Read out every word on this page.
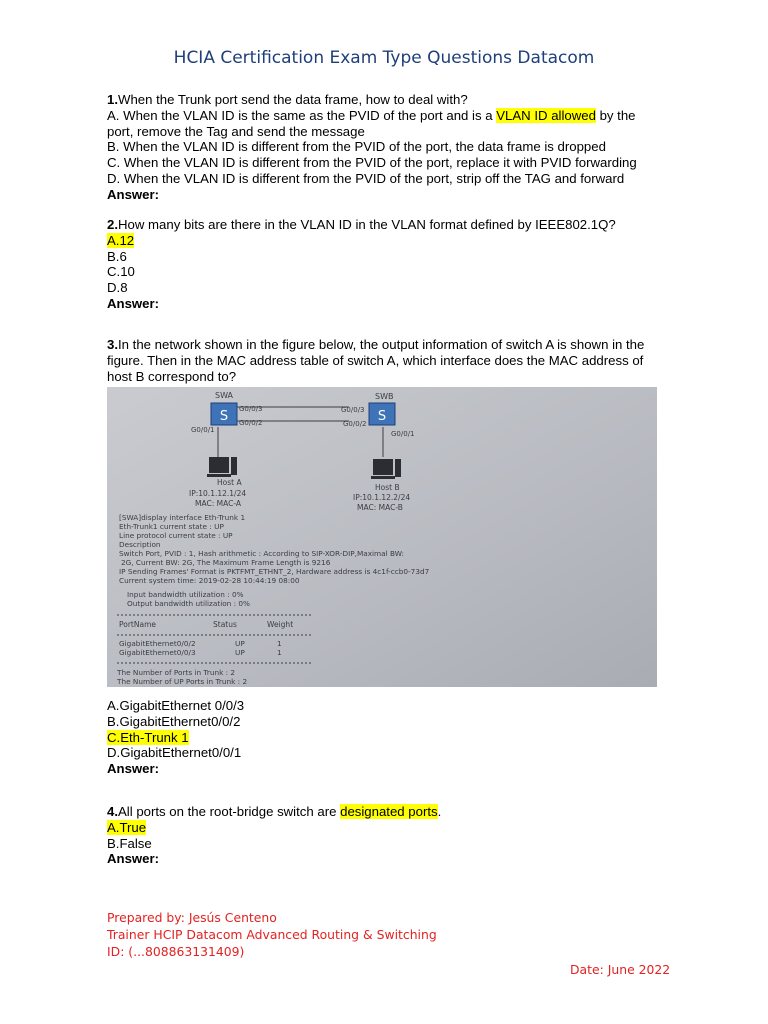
HCIA Certification Exam Type Questions Datacom

1.When the Trunk port send the data frame, how to deal with?

A. When the VLAN ID is the same as the PVID of the port and is a VLAN ID allowed by the port, remove the Tag and send the message

B. When the VLAN ID is different from the PVID of the port, the data frame is dropped

C. When the VLAN ID is different from the PVID of the port, replace it with PVID forwarding

D. When the VLAN ID is different from the PVID of the port, strip off the TAG and forward

Answer:

2.How many bits are there in the VLAN ID in the VLAN format defined by IEEE802.1Q?

A.12

B.6

C.10

D.8

Answer:

3.In the network shown in the figure below, the output information of switch A is shown in the figure. Then in the MAC address table of switch A, which interface does the MAC address of host B correspond to?

S	S
SWA	SWB
G0/0/3
G0/0/2
G0/0/1
G0/0/3
G0/0/2
G0/0/1
Host A
IP:10.1.12.1/24
MAC: MAC-A
Host B
IP:10.1.12.2/24
MAC: MAC-B
[SWA]display interface Eth-Trunk 1
Eth-Trunk1 current state : UP
Line protocol current state : UP
Description
Switch Port, PVID : 1, Hash arithmetic : According to SIP-XOR-DIP,Maximal BW:
2G, Current BW: 2G, The Maximum Frame Length is 9216
IP Sending Frames' Format is PKTFMT_ETHNT_2, Hardware address is 4c1f-ccb0-73d7
Current system time: 2019-02-28 10:44:19 08:00
Input bandwidth utilization : 0%
Output bandwidth utilization : 0%
PortName	Status	Weight
GigabitEthernet0/0/2	UP	1
GigabitEthernet0/0/3	UP	1
The Number of Ports in Trunk : 2
The Number of UP Ports in Trunk : 2

A.GigabitEthernet 0/0/3

B.GigabitEthernet0/0/2

C.Eth-Trunk 1

D.GigabitEthernet0/0/1

Answer:

4.All ports on the root-bridge switch are designated ports.

A.True

B.False

Answer:

Prepared by: Jesús Centeno
Trainer HCIP Datacom Advanced Routing & Switching
ID: (...808863131409)
Date: June 2022
